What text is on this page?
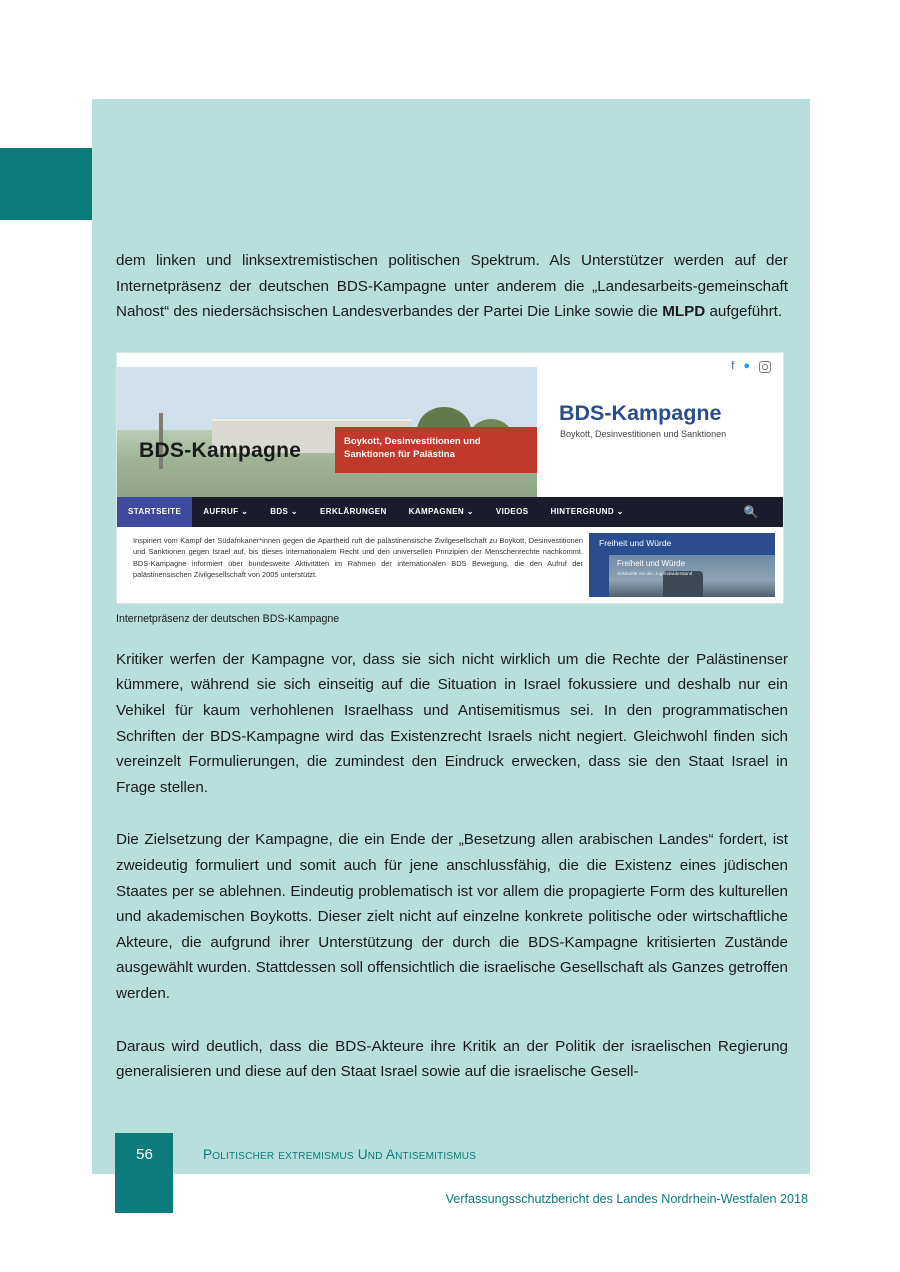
dem linken und linksextremistischen politischen Spektrum. Als Unterstützer werden auf der Internetpräsenz der deutschen BDS-Kampagne unter anderem die „Landesarbeits-gemeinschaft Nahost“ des niedersächsischen Landesverbandes der Partei Die Linke sowie die MLPD aufgeführt.

BDS-Kampagne	Boykott, Desinvestitionen und Sanktionen für Palästina
f ●
BDS-Kampagne
Boykott, Desinvestitionen und Sanktionen
STARTSEITE	AUFRUF ⌄	BDS ⌄	ERKLÄRUNGEN	KAMPAGNEN ⌄	VIDEOS	HINTERGRUND ⌄	🔍
Inspiriert vom Kampf der Südafrikaner*innen gegen die Apartheid ruft die palästinensische Zivilgesellschaft zu Boykott, Desinvestitionen und Sanktionen gegen Israel auf, bis dieses internationalem Recht und den universellen Prinzipien der Menschenrechte nachkommt. BDS-Kampagne informiert über bundesweite Aktivitäten im Rahmen der internationalen BDS Bewegung, die den Aufruf der palästinensischen Zivilgesellschaft von 2005 unterstützt.
Freiheit und Würde
Freiheit und Würde
Solidarität mit den Jugendwiderstand
Internetpräsenz der deutschen BDS-Kampagne

Kritiker werfen der Kampagne vor, dass sie sich nicht wirklich um die Rechte der Palästinenser kümmere, während sie sich einseitig auf die Situation in Israel fokussiere und deshalb nur ein Vehikel für kaum verhohlenen Israelhass und Antisemitismus sei. In den programmatischen Schriften der BDS-Kampagne wird das Existenzrecht Israels nicht negiert. Gleichwohl finden sich vereinzelt Formulierungen, die zumindest den Eindruck erwecken, dass sie den Staat Israel in Frage stellen.

Die Zielsetzung der Kampagne, die ein Ende der „Besetzung allen arabischen Landes“ fordert, ist zweideutig formuliert und somit auch für jene anschlussfähig, die die Existenz eines jüdischen Staates per se ablehnen. Eindeutig problematisch ist vor allem die propagierte Form des kulturellen und akademischen Boykotts. Dieser zielt nicht auf einzelne konkrete politische oder wirtschaftliche Akteure, die aufgrund ihrer Unterstützung der durch die BDS-Kampagne kritisierten Zustände ausgewählt wurden. Stattdessen soll offensichtlich die israelische Gesellschaft als Ganzes getroffen werden.

Daraus wird deutlich, dass die BDS-Akteure ihre Kritik an der Politik der israelischen Regierung generalisieren und diese auf den Staat Israel sowie auf die israelische Gesell-

56	Politischer extremismus Und Antisemitismus
Verfassungsschutzbericht des Landes Nordrhein-Westfalen 2018
